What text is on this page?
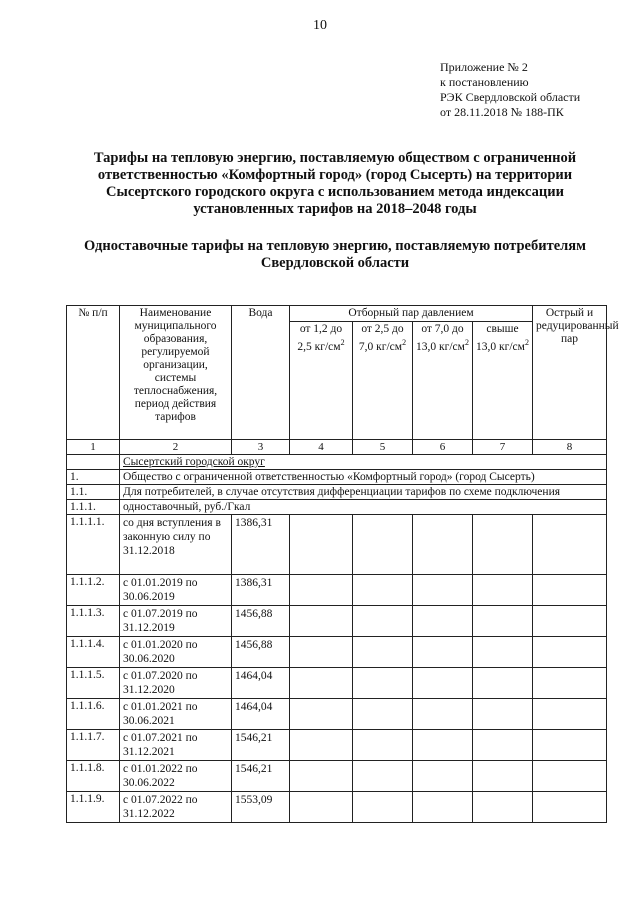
10
Приложение № 2
к постановлению
РЭК Свердловской области
от 28.11.2018 № 188-ПК
Тарифы на тепловую энергию, поставляемую обществом с ограниченной ответственностью «Комфортный город» (город Сысерть) на территории Сысертского городского округа с использованием метода индексации установленных тарифов на 2018–2048 годы
Одноставочные тарифы на тепловую энергию, поставляемую потребителям Свердловской области
№ п/п	Наименование муниципального образования, регулируемой организации, системы теплоснабжения, период действия тарифов	Вода	Отборный пар давлением				Острый и редуцированный пар
			от 1,2 до 2,5 $кг/см^2$	от 2,5 до 7,0 $кг/см^2$	от 7,0 до 13,0 $кг/см^2$	свыше 13,0 $кг/см^2$
1	2	3	4	5	6	7	8
	Сысертский городской округ						
1.	Общество с ограниченной ответственностью «Комфортный город» (город Сысерть)						
1.1.	Для потребителей, в случае отсутствия дифференциации тарифов по схеме подключения						
1.1.1.	одноставочный, руб./Гкал						
1.1.1.1.	со дня вступления в законную силу по 31.12.2018	1386,31					
1.1.1.2.	с 01.01.2019 по 30.06.2019	1386,31					
1.1.1.3.	с 01.07.2019 по 31.12.2019	1456,88					
1.1.1.4.	с 01.01.2020 по 30.06.2020	1456,88					
1.1.1.5.	с 01.07.2020 по 31.12.2020	1464,04					
1.1.1.6.	с 01.01.2021 по 30.06.2021	1464,04					
1.1.1.7.	с 01.07.2021 по 31.12.2021	1546,21					
1.1.1.8.	с 01.01.2022 по 30.06.2022	1546,21					
1.1.1.9.	с 01.07.2022 по 31.12.2022	1553,09					
